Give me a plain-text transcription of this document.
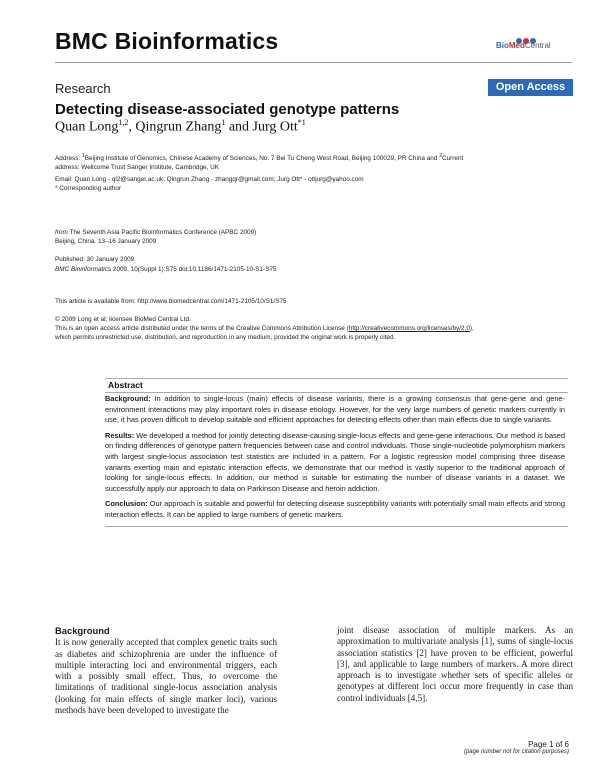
BMC Bioinformatics	BioMedCentral
Research	Open Access
Detecting disease-associated genotype patterns
Quan Long$^{1,2}$, Qingrun Zhang$^1$ and Jurg Ott$^{*1}$
Address: $^1$Beijing Institute of Genomics, Chinese Academy of Sciences, No. 7 Bei Tu Cheng West Road, Beijing 100029, PR China and $^2$Current
address: Wellcome Trust Sanger Institute, Cambridge, UK
Email: Quan Long - ql2@sanger.ac.uk; Qingrun Zhang - zhangqr@gmail.com; Jurg Ott* - ottjurg@yahoo.com
* Corresponding author
from The Seventh Asia Pacific Bioinformatics Conference (APBC 2009)
Beijing, China. 13–16 January 2009
Published: 30 January 2009
BMC Bioinformatics 2009, 10(Suppl 1):S75 doi:10.1186/1471-2105-10-S1-S75
This article is available from: http://www.biomedcentral.com/1471-2105/10/S1/S75
© 2009 Long et al; licensee BioMed Central Ltd.
This is an open access article distributed under the terms of the Creative Commons Attribution License (http://creativecommons.org/licenses/by/2.0),
which permits unrestricted use, distribution, and reproduction in any medium, provided the original work is properly cited.
Abstract

Background: In addition to single-locus (main) effects of disease variants, there is a growing consensus that gene-gene and gene-environment interactions may play important roles in disease etiology. However, for the very large numbers of genetic markers currently in use, it has proven difficult to develop suitable and efficient approaches for detecting effects other than main effects due to single variants.

Results: We developed a method for jointly detecting disease-causing single-locus effects and gene-gene interactions. Our method is based on finding differences of genotype pattern frequencies between case and control individuals. Those single-nucleotide polymorphism markers with largest single-locus association test statistics are included in a pattern. For a logistic regression model comprising three disease variants exerting main and epistatic interaction effects, we demonstrate that our method is vastly superior to the traditional approach of looking for single-locus effects. In addition, our method is suitable for estimating the number of disease variants in a dataset. We successfully apply our approach to data on Parkinson Disease and heroin addiction.

Conclusion: Our approach is suitable and powerful for detecting disease susceptibility variants with potentially small main effects and strong interaction effects. It can be applied to large numbers of genetic markers.

Background

It is now generally accepted that complex genetic traits such as diabetes and schizophrenia are under the influence of multiple interacting loci and environmental triggers, each with a possibly small effect. Thus, to overcome the limitations of traditional single-locus association analysis (looking for main effects of single marker loci), various methods have been developed to investigate the

joint disease association of multiple markers. As an approximation to multivariate analysis [1], sums of single-locus association statistics [2] have proven to be efficient, powerful [3], and applicable to large numbers of markers. A more direct approach is to investigate whether sets of specific alleles or genotypes at different loci occur more frequently in case than control individuals [4,5].

Page 1 of 6
(page number not for citation purposes)
